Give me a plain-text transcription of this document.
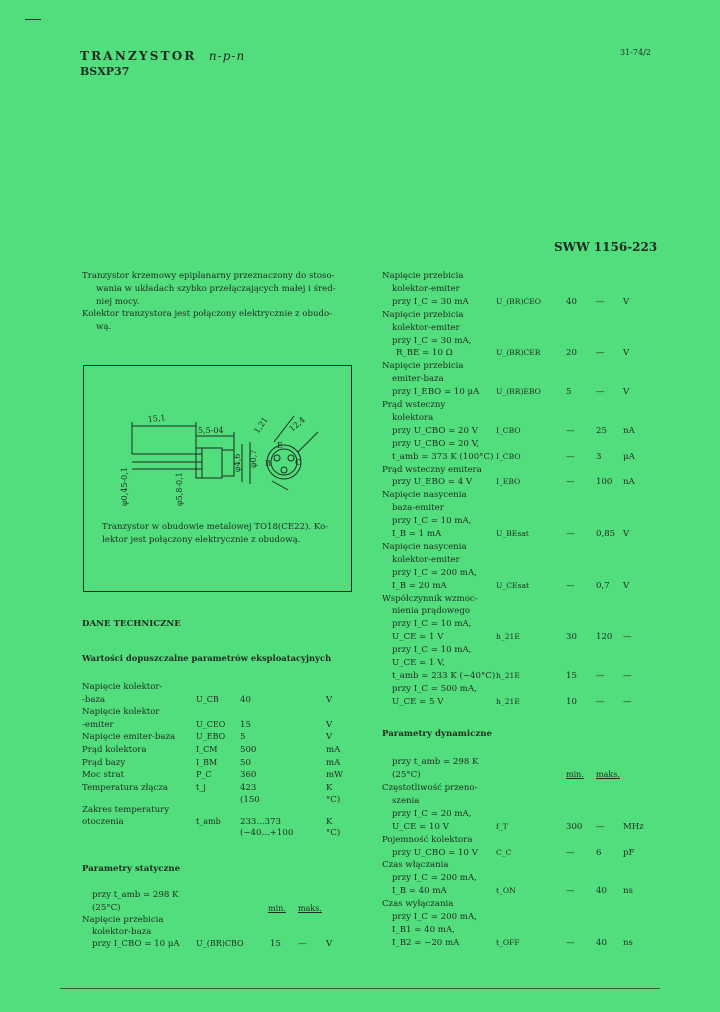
TRANZYSTOR n-p-n
BSXP37
31-74/2
SWW 1156-223
Tranzystor krzemowy epiplanarny przeznaczony do stoso-
wania w układach szybko przełączających małej i śred-
niej mocy.
Kolektor tranzystora jest połączony elektrycznie z obudo-
wą.
15,1
5,5-04
φ0,45-0,1	φ5,8-0,1
φ4,6 φ0,7 B
E
C
1,21 12,4
Tranzystor w obudowie metalowej TO18(CE22). Ko-
lektor jest połączony elektrycznie z obudową.
DANE TECHNICZNE
Wartości dopuszczalne parametrów eksploatacyjnych
Napięcie kolektor-
-baza	U_CB 40	V
Napięcie kolektor
-emiter	U_CEO 15	V
Napięcie emiter-baza	U_EBO 5	V
Prąd kolektora	I_CM	500	mA
Prąd bazy	I_BM	50	mA
Moc strat	P_C	360	mW
Temperatura złącza	t_j	423	K
(150	°C)
Zakres temperatury
otoczenia	t_amb 233...373	K
(−40...+100	°C)
Parametry statyczne
przy t_amb = 298 K
(25°C)	min. maks.
Napięcie przebicia
kolektor-baza
przy I_CBO = 10 μA U_(BR)CBO	15 — V
Napięcie przebicia
kolektor-emiter
przy I_C = 30 mA	U_(BR)CEO	40 — V
Napięcie przebicia
kolektor-emiter
przy I_C = 30 mA,
R_BE = 10 Ω	U_(BR)CER	20 — V
Napięcie przebicia
emiter-baza
przy I_EBO = 10 μA U_(BR)EBO	5	— V
Prąd wsteczny
kolektora
przy U_CBO = 20 V I_CBO	— 25 nA
przy U_CBO = 20 V,
t_amb = 373 K (100°C) I_CBO	— 3	μA
Prąd wsteczny emitera
przy U_EBO = 4 V	I_EBO	— 100 nA
Napięcie nasycenia
baza-emiter
przy I_C = 10 mA,
I_B = 1 mA	U_BEsat	— 0,85 V
Napięcie nasycenia
kolektor-emiter
przy I_C = 200 mA,
I_B = 20 mA	U_CEsat	— 0,7 V
Współczynnik wzmoc-
nienia prądowego
przy I_C = 10 mA,
U_CE = 1 V	h_21E	30 120 —
przy I_C = 10 mA,
U_CE = 1 V,
t_amb = 233 K (−40°C) h_21E	15 — —
przy I_C = 500 mA,
U_CE = 5 V	h_21E	10 — —
Parametry dynamiczne
przy t_amb = 298 K
(25°C)	min. maks.
Częstotliwość przeno-
szenia
przy I_C = 20 mA,
U_CE = 10 V	f_T	300 — MHz
Pojemność kolektora
przy U_CBO = 10 V C_C	— 6	pF
Czas włączania
przy I_C = 200 mA,
I_B = 40 mA	t_ON	— 40 ns
Czas wyłączania
przy I_C = 200 mA,
I_B1 = 40 mA,
I_B2 = −20 mA	t_OFF	— 40 ns
